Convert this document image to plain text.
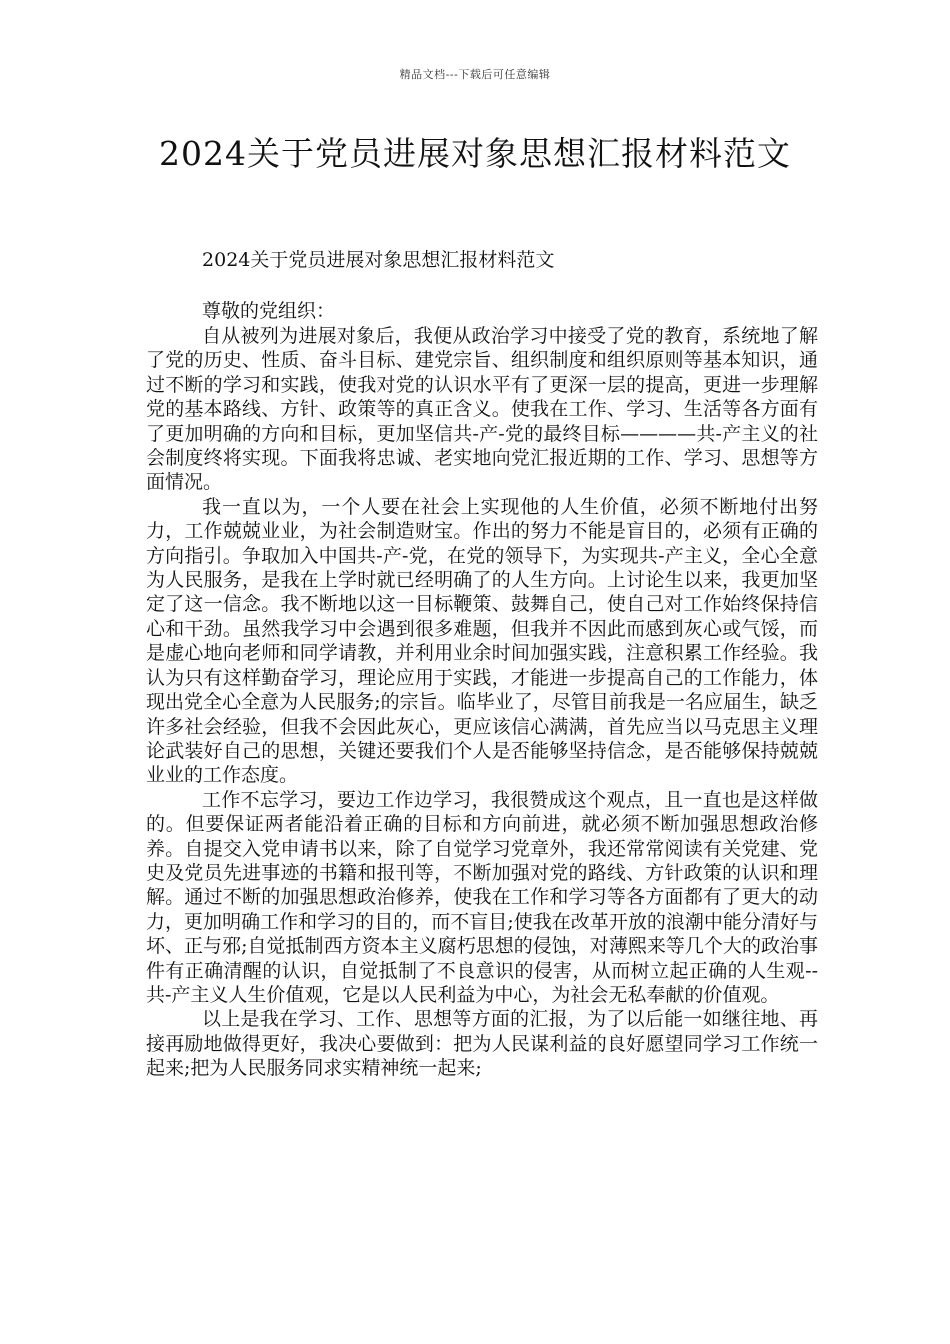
精品文档---下载后可任意编辑
2024关于党员进展对象思想汇报材料范文

2024关于党员进展对象思想汇报材料范文

尊敬的党组织：

自从被列为进展对象后，我便从政治学习中接受了党的教育，系统地了解了党的历史、性质、奋斗目标、建党宗旨、组织制度和组织原则等基本知识，通过不断的学习和实践，使我对党的认识水平有了更深一层的提高，更进一步理解党的基本路线、方针、政策等的真正含义。使我在工作、学习、生活等各方面有了更加明确的方向和目标，更加坚信共-产-党的最终目标————共-产主义的社会制度终将实现。下面我将忠诚、老实地向党汇报近期的工作、学习、思想等方面情况。

我一直以为，一个人要在社会上实现他的人生价值，必须不断地付出努力，工作兢兢业业，为社会制造财宝。作出的努力不能是盲目的，必须有正确的方向指引。争取加入中国共-产-党，在党的领导下，为实现共-产主义，全心全意为人民服务，是我在上学时就已经明确了的人生方向。上讨论生以来，我更加坚定了这一信念。我不断地以这一目标鞭策、鼓舞自己，使自己对工作始终保持信心和干劲。虽然我学习中会遇到很多难题，但我并不因此而感到灰心或气馁，而是虚心地向老师和同学请教，并利用业余时间加强实践，注意积累工作经验。我认为只有这样勤奋学习，理论应用于实践，才能进一步提高自己的工作能力，体现出党全心全意为人民服务;的宗旨。临毕业了，尽管目前我是一名应届生，缺乏许多社会经验，但我不会因此灰心，更应该信心满满，首先应当以马克思主义理论武装好自己的思想，关键还要我们个人是否能够坚持信念，是否能够保持兢兢业业的工作态度。

工作不忘学习，要边工作边学习，我很赞成这个观点，且一直也是这样做的。但要保证两者能沿着正确的目标和方向前进，就必须不断加强思想政治修养。自提交入党申请书以来，除了自觉学习党章外，我还常常阅读有关党建、党史及党员先进事迹的书籍和报刊等，不断加强对党的路线、方针政策的认识和理解。通过不断的加强思想政治修养，使我在工作和学习等各方面都有了更大的动力，更加明确工作和学习的目的，而不盲目;使我在改革开放的浪潮中能分清好与坏、正与邪;自觉抵制西方资本主义腐朽思想的侵蚀，对薄熙来等几个大的政治事件有正确清醒的认识，自觉抵制了不良意识的侵害，从而树立起正确的人生观--共-产主义人生价值观，它是以人民利益为中心，为社会无私奉献的价值观。

以上是我在学习、工作、思想等方面的汇报，为了以后能一如继往地、再接再励地做得更好，我决心要做到：把为人民谋利益的良好愿望同学习工作统一起来;把为人民服务同求实精神统一起来;
